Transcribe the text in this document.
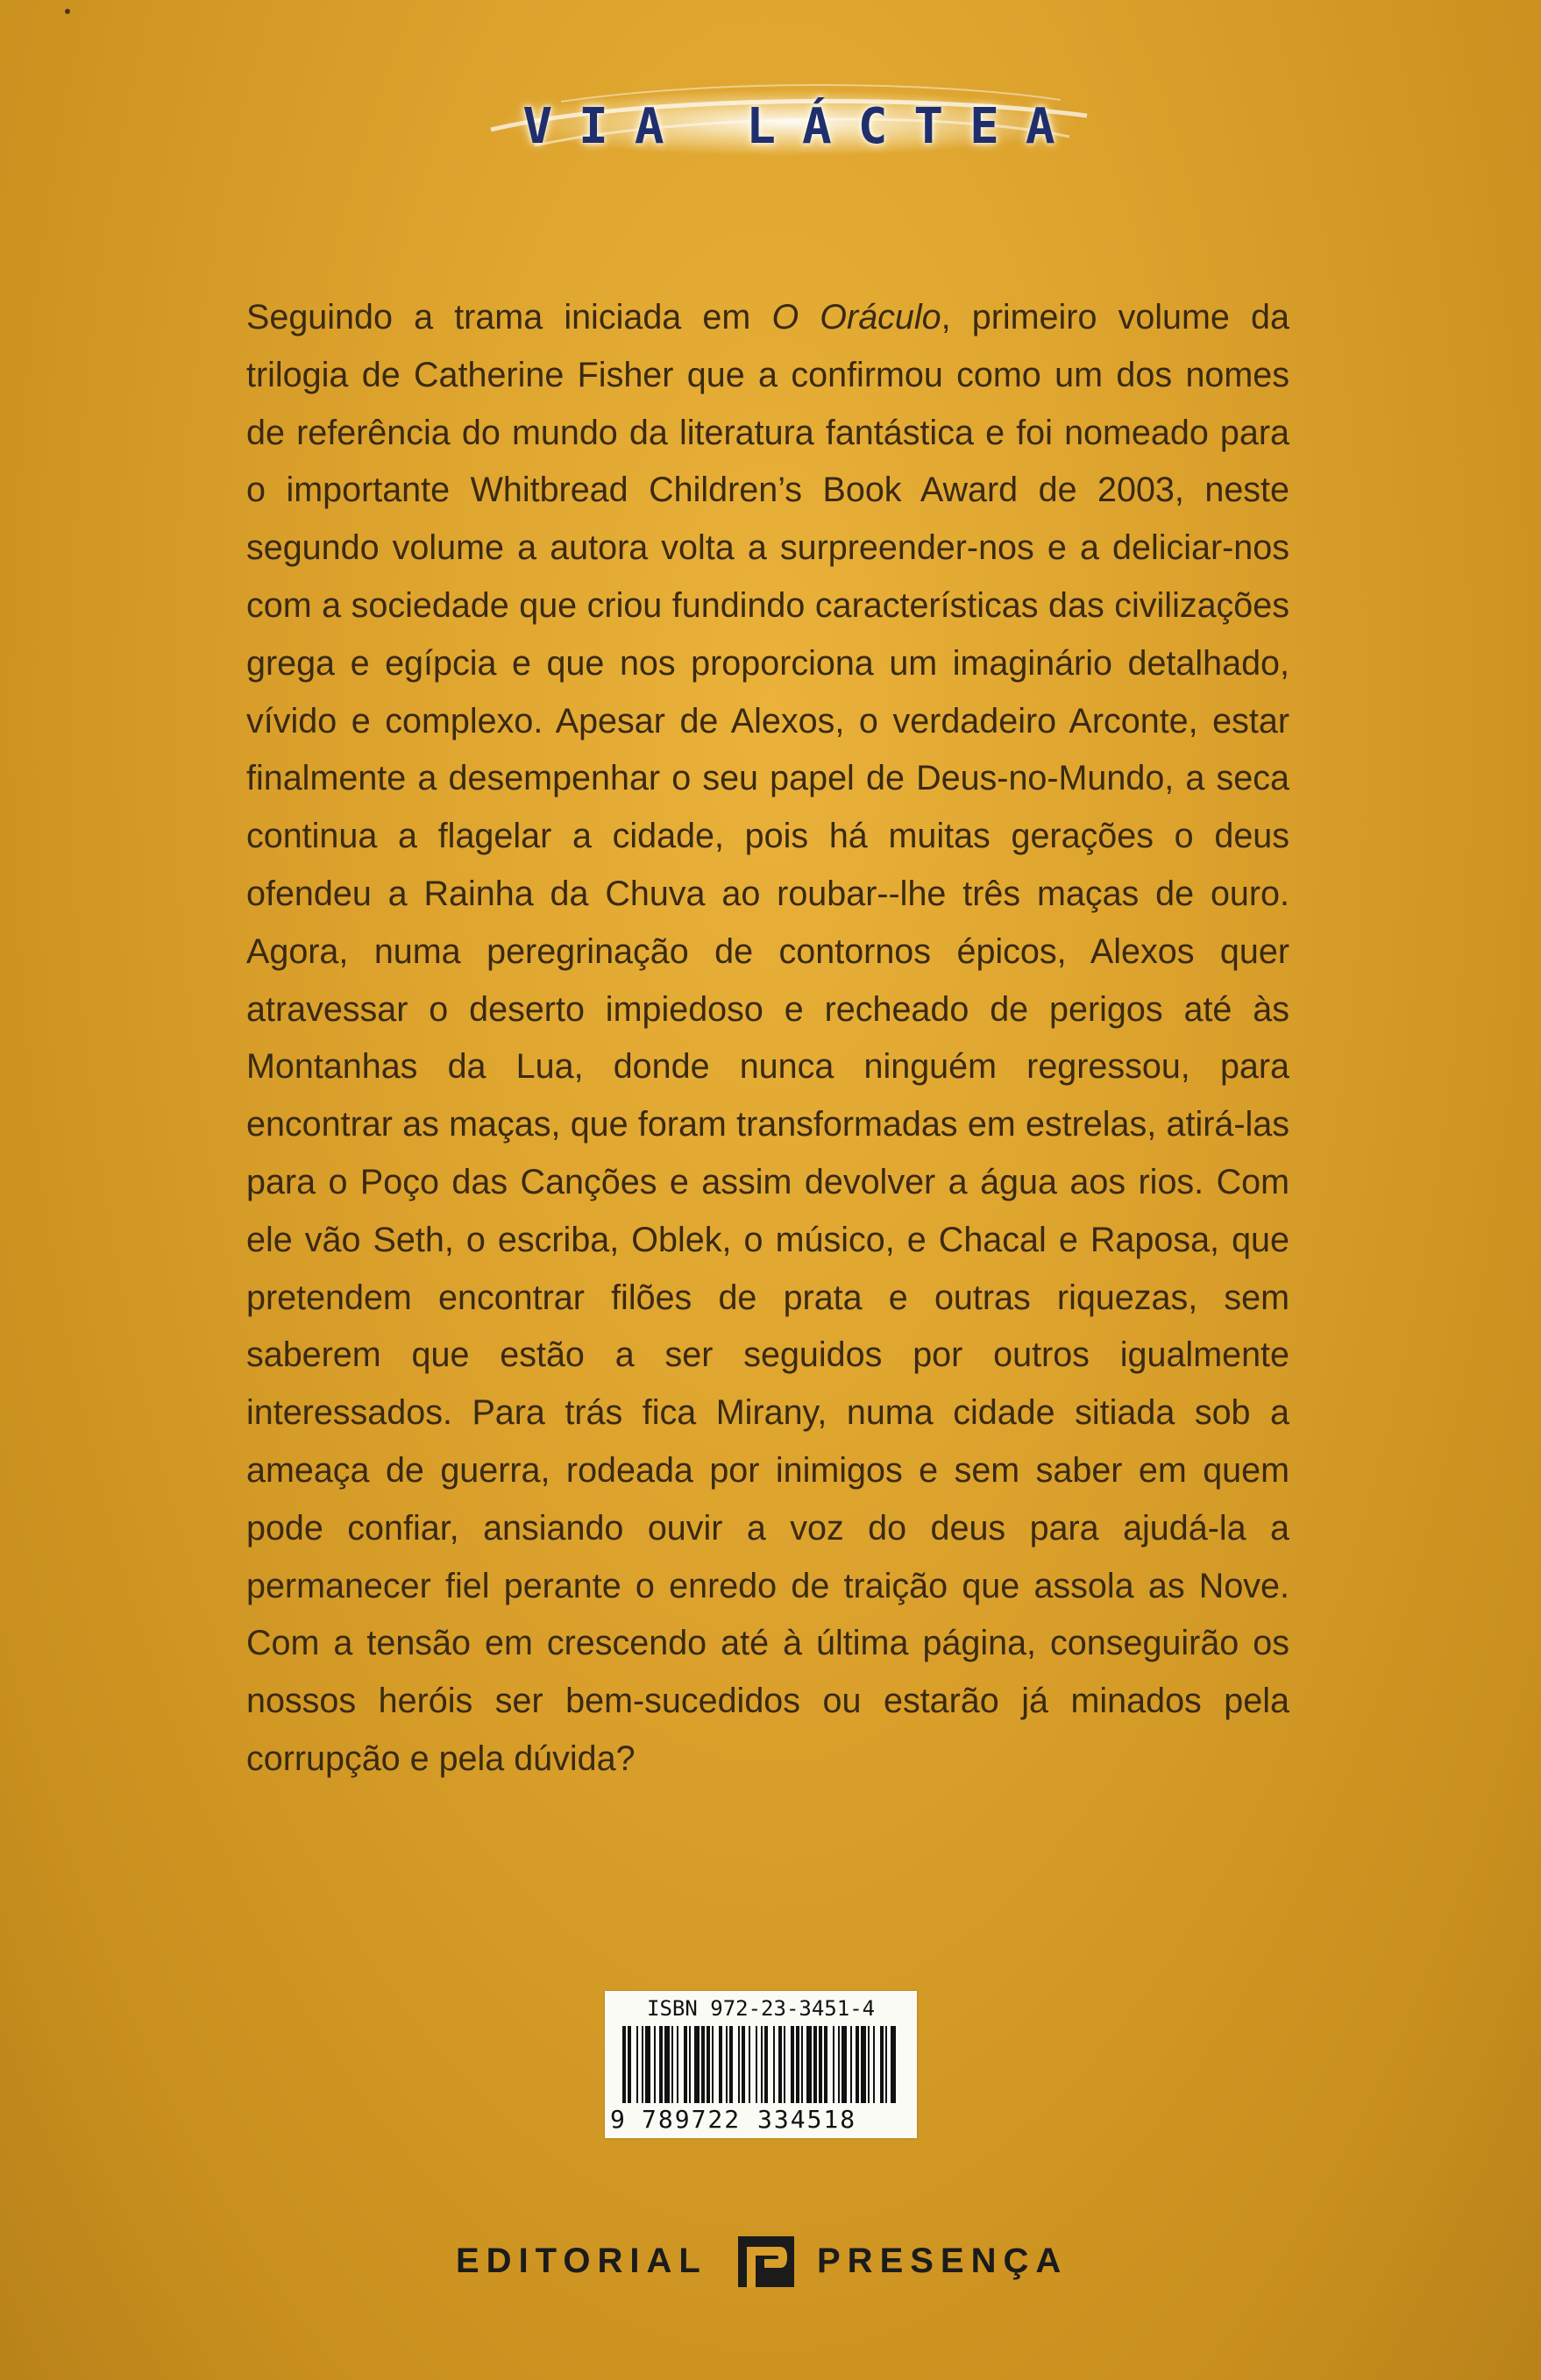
VIA LÁCTEA

Seguindo a trama iniciada em O Oráculo, primeiro volume da trilogia de Catherine Fisher que a confirmou como um dos nomes de referência do mundo da literatura fantástica e foi nomeado para o importante Whitbread Children’s Book Award de 2003, neste segundo volume a autora volta a surpreender-nos e a deliciar-nos com a sociedade que criou fundindo características das civilizações grega e egípcia e que nos proporciona um imaginário detalhado, vívido e complexo. Apesar de Alexos, o verdadeiro Arconte, estar finalmente a desempenhar o seu papel de Deus-no-Mundo, a seca continua a flagelar a cidade, pois há muitas gerações o deus ofendeu a Rainha da Chuva ao roubar--lhe três maças de ouro. Agora, numa peregrinação de contornos épicos, Alexos quer atravessar o deserto impiedoso e recheado de perigos até às Montanhas da Lua, donde nunca ninguém regressou, para encontrar as maças, que foram transformadas em estrelas, atirá-las para o Poço das Canções e assim devolver a água aos rios. Com ele vão Seth, o escriba, Oblek, o músico, e Chacal e Raposa, que pretendem encontrar filões de prata e outras riquezas, sem saberem que estão a ser seguidos por outros igualmente interessados. Para trás fica Mirany, numa cidade sitiada sob a ameaça de guerra, rodeada por inimigos e sem saber em quem pode confiar, ansiando ouvir a voz do deus para ajudá-la a permanecer fiel perante o enredo de traição que assola as Nove. Com a tensão em crescendo até à última página, conseguirão os nossos heróis ser bem-sucedidos ou estarão já minados pela corrupção e pela dúvida?

ISBN 972-23-3451-4
9 789722 334518
EDITORIAL	PRESENÇA
